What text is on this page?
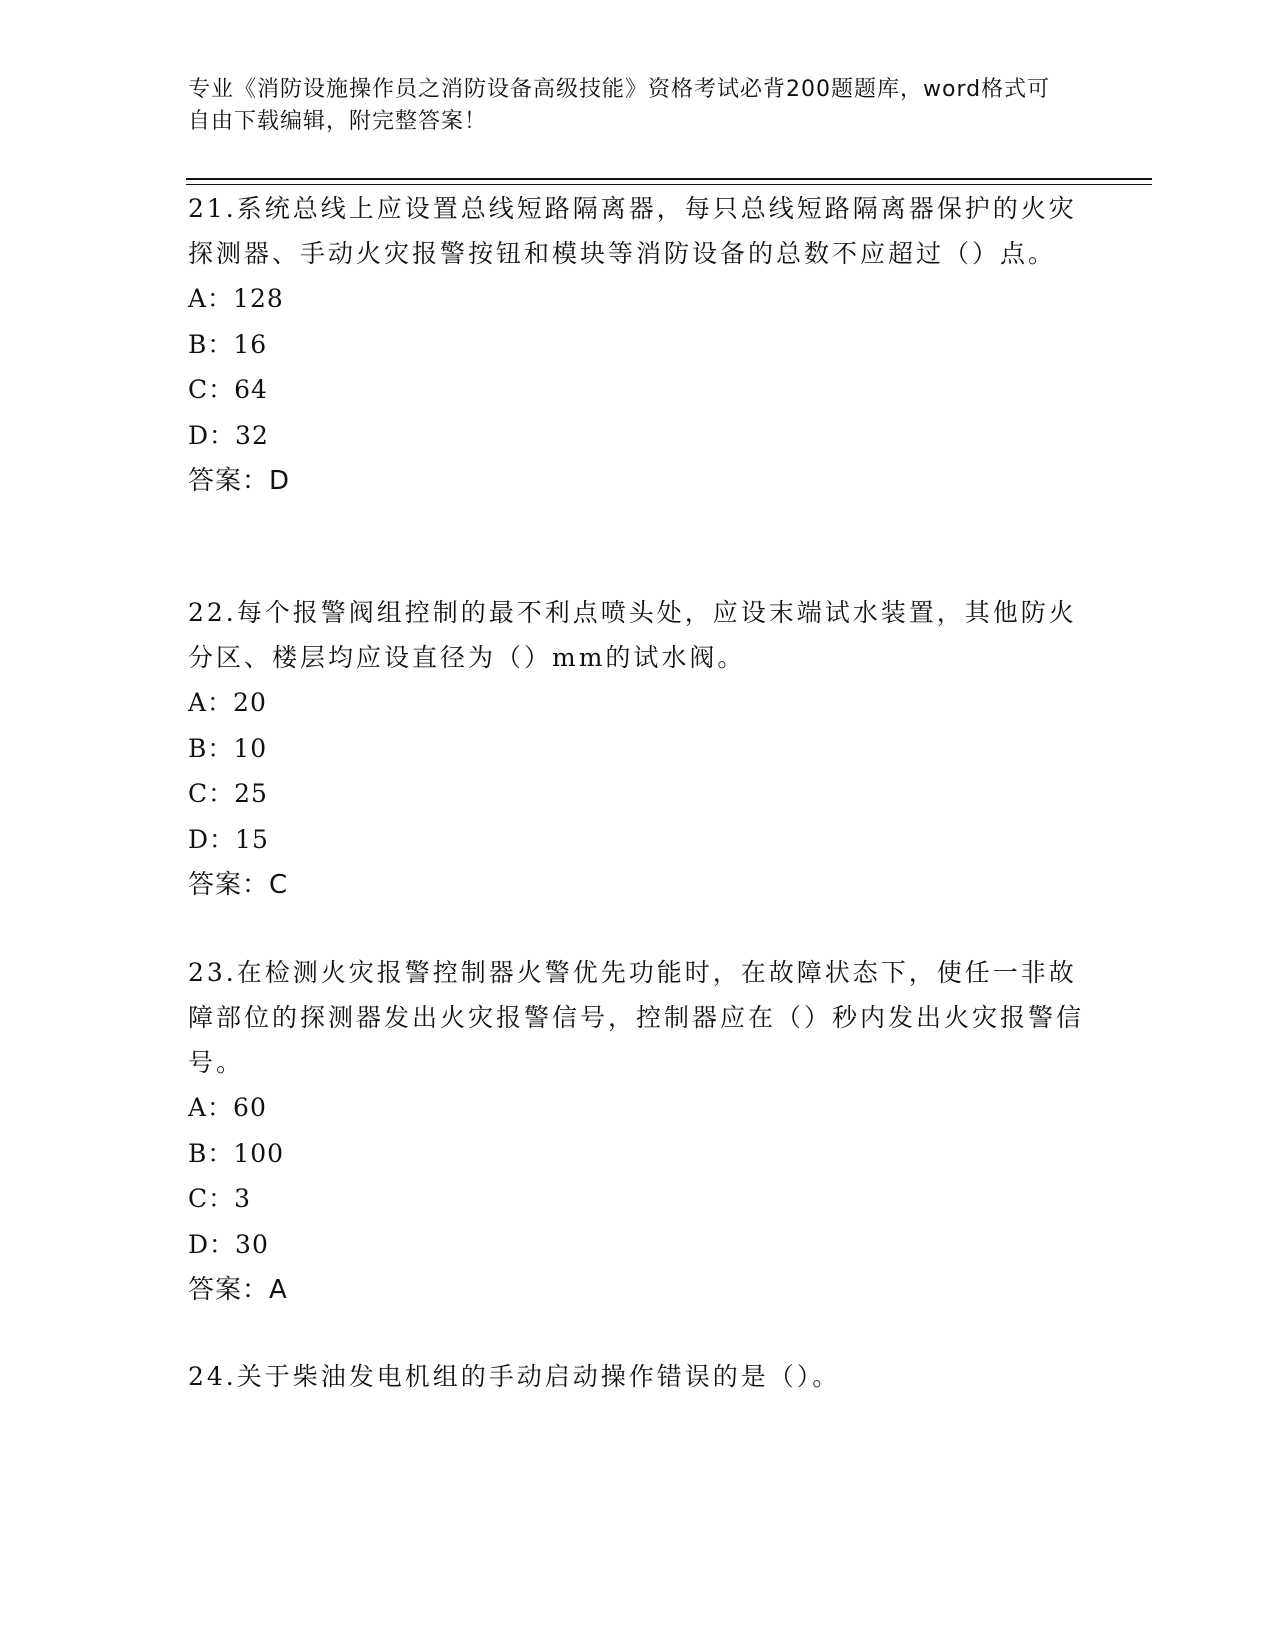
专业《消防设施操作员之消防设备高级技能》资格考试必背200题题库，word格式可自由下载编辑，附完整答案！

21.系统总线上应设置总线短路隔离器，每只总线短路隔离器保护的火灾探测器、手动火灾报警按钮和模块等消防设备的总数不应超过（）点。

A：128

B：16

C：64

D：32

答案：D

22.每个报警阀组控制的最不利点喷头处，应设末端试水装置，其他防火分区、楼层均应设直径为（）mm的试水阀。

A：20

B：10

C：25

D：15

答案：C

23.在检测火灾报警控制器火警优先功能时，在故障状态下，使任一非故障部位的探测器发出火灾报警信号，控制器应在（）秒内发出火灾报警信号。

A：60

B：100

C：3

D：30

答案：A

24.关于柴油发电机组的手动启动操作错误的是（）。
